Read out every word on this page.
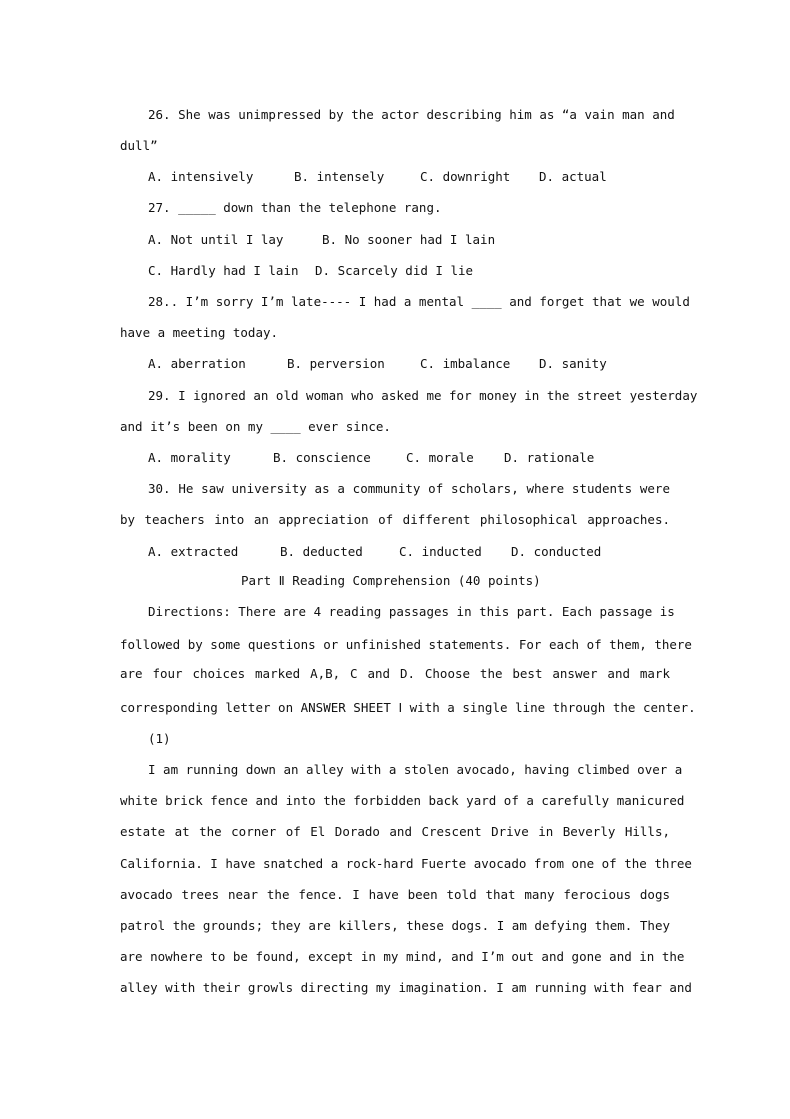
26. She was unimpressed by the actor describing him as “a vain man and
dull”
A. intensively	B. intensely	C. downright D. actual
27. _____ down than the telephone rang.
A. Not until I lay	B. No sooner had I lain
C. Hardly had I lain D. Scarcely did I lie
28.. I’m sorry I’m late---- I had a mental ____ and forget that we would
have a meeting today.
A. aberration	B. perversion	C. imbalance D. sanity
29. I ignored an old woman who asked me for money in the street yesterday
and it’s been on my ____ ever since.
A. morality	B. conscience	C. morale D. rationale
30. He saw university as a community of scholars, where students were
by teachers into an appreciation of different philosophical approaches.
A. extracted	B. deducted	C. inducted D. conducted
Part Ⅱ Reading Comprehension (40 points)
Directions: There are 4 reading passages in this part. Each passage is
followed by some questions or unfinished statements. For each of them, there
are four choices marked A,B, C and D. Choose the best answer and mark
corresponding letter on ANSWER SHEET Ⅰ with a single line through the center.
(1)
I am running down an alley with a stolen avocado, having climbed over a
white brick fence and into the forbidden back yard of a carefully manicured
estate at the corner of El Dorado and Crescent Drive in Beverly Hills,
California. I have snatched a rock-hard Fuerte avocado from one of the three
avocado trees near the fence. I have been told that many ferocious dogs
patrol the grounds; they are killers, these dogs. I am defying them. They
are nowhere to be found, except in my mind, and I’m out and gone and in the
alley with their growls directing my imagination. I am running with fear and
